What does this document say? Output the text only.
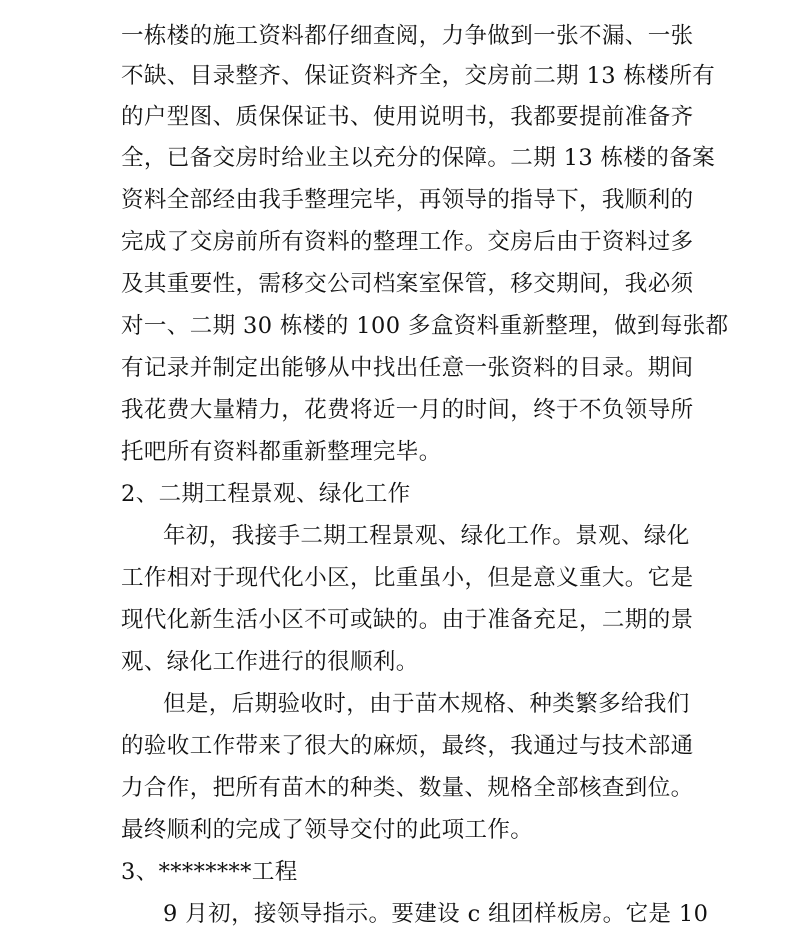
一栋楼的施工资料都仔细查阅，力争做到一张不漏、一张
不缺、目录整齐、保证资料齐全，交房前二期 13 栋楼所有
的户型图、质保保证书、使用说明书，我都要提前准备齐
全，已备交房时给业主以充分的保障。二期 13 栋楼的备案
资料全部经由我手整理完毕，再领导的指导下，我顺利的
完成了交房前所有资料的整理工作。交房后由于资料过多
及其重要性，需移交公司档案室保管，移交期间，我必须
对一、二期 30 栋楼的 100 多盒资料重新整理，做到每张都
有记录并制定出能够从中找出任意一张资料的目录。期间
我花费大量精力，花费将近一月的时间，终于不负领导所
托吧所有资料都重新整理完毕。
2、二期工程景观、绿化工作
年初，我接手二期工程景观、绿化工作。景观、绿化
工作相对于现代化小区，比重虽小，但是意义重大。它是
现代化新生活小区不可或缺的。由于准备充足，二期的景
观、绿化工作进行的很顺利。
但是，后期验收时，由于苗木规格、种类繁多给我们
的验收工作带来了很大的麻烦，最终，我通过与技术部通
力合作，把所有苗木的种类、数量、规格全部核查到位。
最终顺利的完成了领导交付的此项工作。
3、********工程
9 月初，接领导指示。要建设 c 组团样板房。它是 10
